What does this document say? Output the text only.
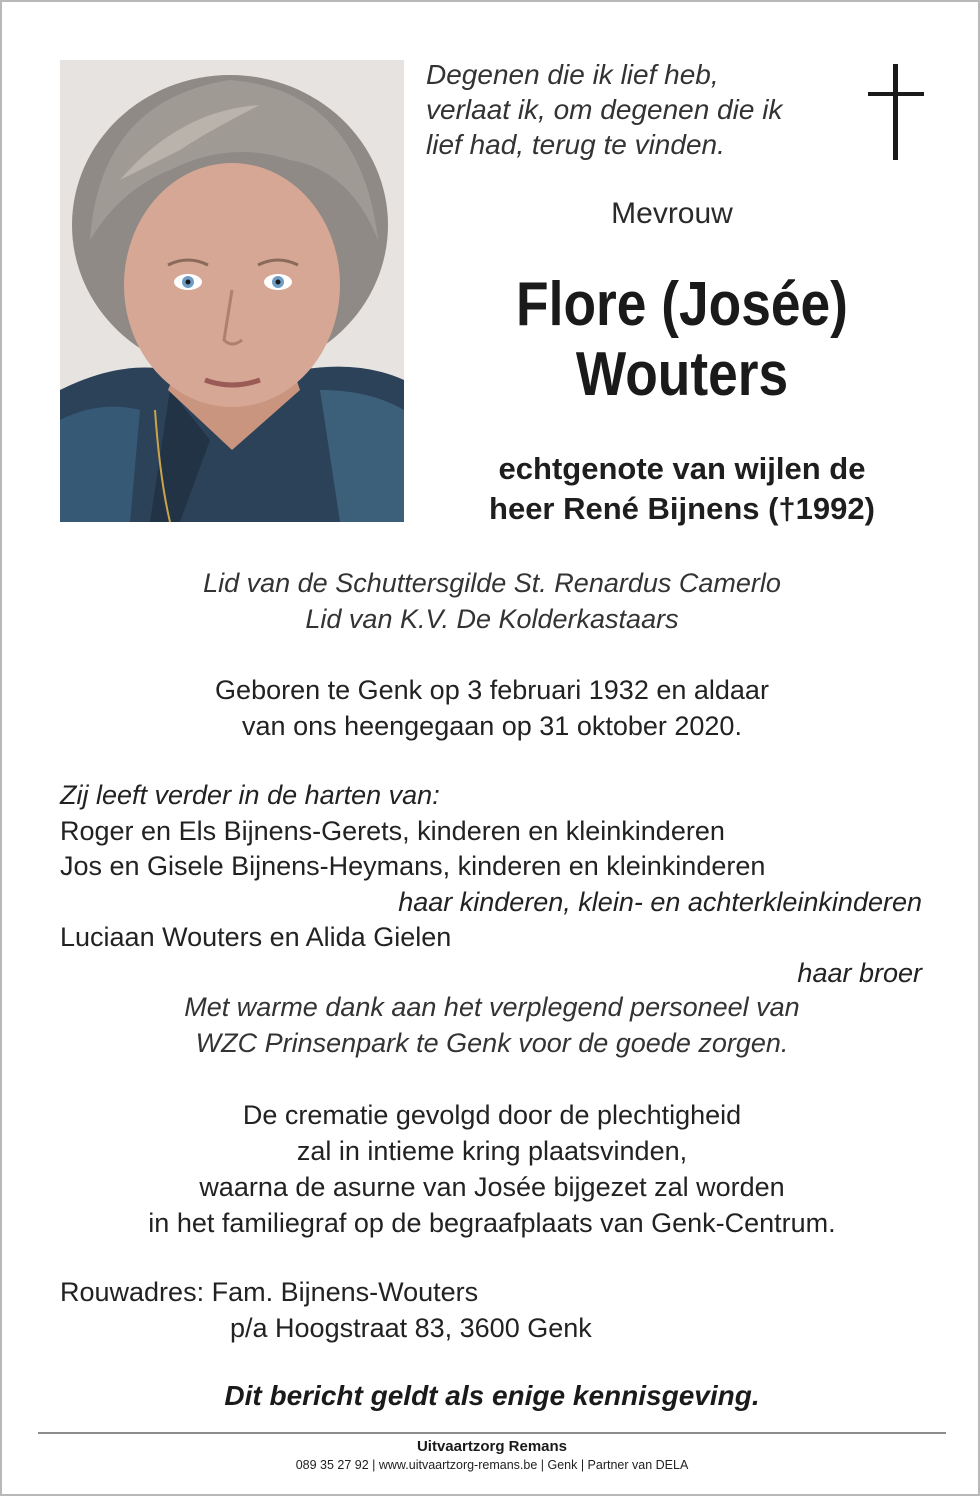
Degenen die ik lief heb,
verlaat ik, om degenen die ik
lief had, terug te vinden.
Mevrouw
Flore (Josée)
Wouters
echtgenote van wijlen de
heer René Bijnens (†1992)
Lid van de Schuttersgilde St. Renardus Camerlo
Lid van K.V. De Kolderkastaars
Geboren te Genk op 3 februari 1932 en aldaar
van ons heengegaan op 31 oktober 2020.
Zij leeft verder in de harten van:
Roger en Els Bijnens-Gerets, kinderen en kleinkinderen
Jos en Gisele Bijnens-Heymans, kinderen en kleinkinderen
haar kinderen, klein- en achterkleinkinderen
Luciaan Wouters en Alida Gielen
haar broer
Met warme dank aan het verplegend personeel van
WZC Prinsenpark te Genk voor de goede zorgen.
De crematie gevolgd door de plechtigheid
zal in intieme kring plaatsvinden,
waarna de asurne van Josée bijgezet zal worden
in het familiegraf op de begraafplaats van Genk-Centrum.
Rouwadres: Fam. Bijnens-Wouters
p/a Hoogstraat 83, 3600 Genk
Dit bericht geldt als enige kennisgeving.
Uitvaartzorg Remans
089 35 27 92 | www.uitvaartzorg-remans.be | Genk | Partner van DELA
